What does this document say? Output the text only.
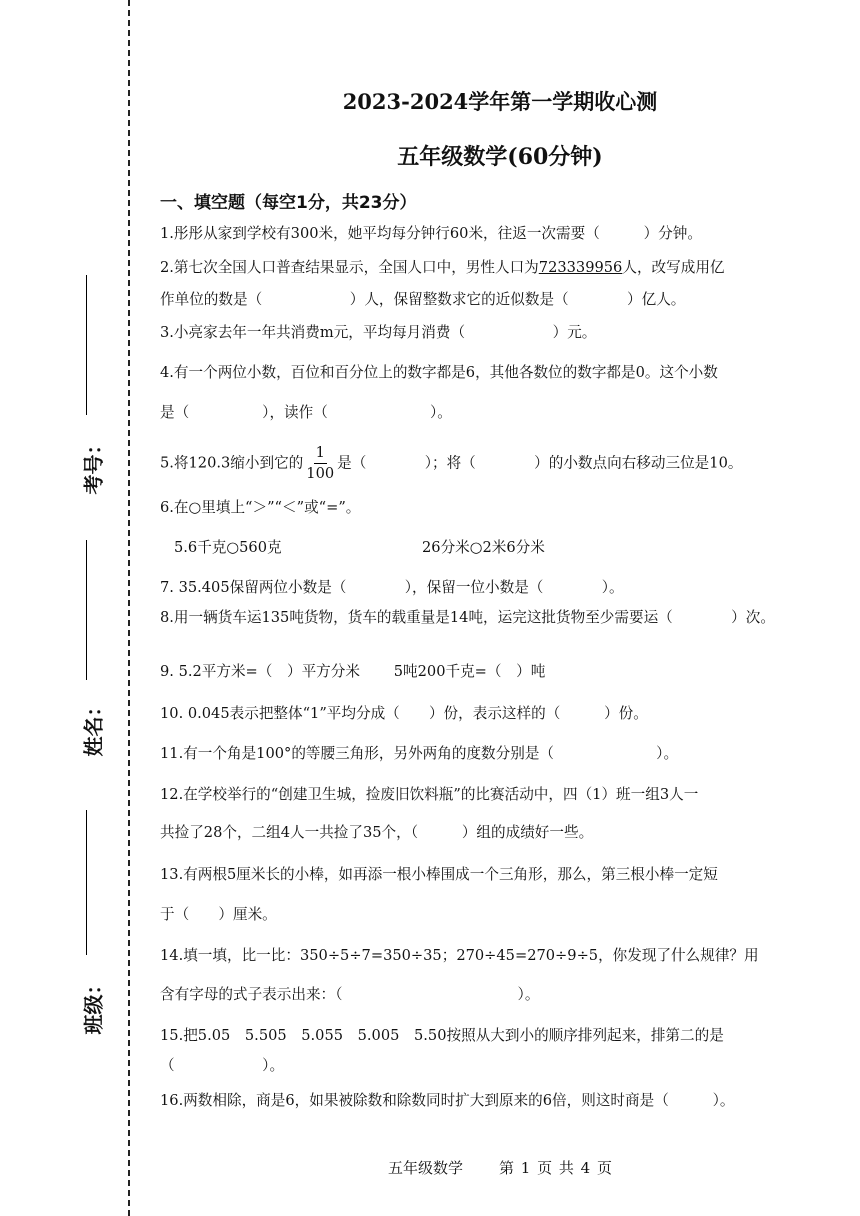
考号：
姓名：
班级：
2023-2024学年第一学期收心测
五年级数学(60分钟)
一、填空题（每空1分，共23分）
1.彤彤从家到学校有300米，她平均每分钟行60米，往返一次需要（　　　）分钟。
2.第七次全国人口普查结果显示，全国人口中，男性人口为723339956人，改写成用亿
作单位的数是（　　　　　　）人，保留整数求它的近似数是（　　　　）亿人。
3.小亮家去年一年共消费m元，平均每月消费（　　　　　　）元。
4.有一个两位小数，百位和百分位上的数字都是6，其他各数位的数字都是0。这个小数
是（　　　　　），读作（　　　　　　　）。
5.将120.3缩小到它的 $\frac{1}{100}$ 是（　　　　）；将（　　　　）的小数点向右移动三位是10。
6.在○里填上“＞”“＜”或“=”。
5.6千克○560克	26分米○2米6分米
7. 35.405保留两位小数是（　　　　），保留一位小数是（　　　　）。
8.用一辆货车运135吨货物，货车的载重量是14吨，运完这批货物至少需要运（　　　　）次。
9. 5.2平方米=（　）平方分米　　 5吨200千克=（　）吨
10. 0.045表示把整体“1”平均分成（　　）份，表示这样的（　　　）份。
11.有一个角是100°的等腰三角形，另外两角的度数分别是（　　　　　　　）。
12.在学校举行的“创建卫生城，捡废旧饮料瓶”的比赛活动中，四（1）班一组3人一
共捡了28个，二组4人一共捡了35个，（　　　）组的成绩好一些。
13.有两根5厘米长的小棒，如再添一根小棒围成一个三角形，那么，第三根小棒一定短
于（　　）厘米。
14.填一填，比一比：350÷5÷7=350÷35；270÷45=270÷9÷5，你发现了什么规律？用
含有字母的式子表示出来：（　　　　　　　　　　　　）。
15.把5.05　5.505　5.055　5.005　5.50按照从大到小的顺序排列起来，排第二的是
（　　　　　　）。
16.两数相除，商是6，如果被除数和除数同时扩大到原来的6倍，则这时商是（　　　）。
五年级数学 第 1 页 共 4 页
